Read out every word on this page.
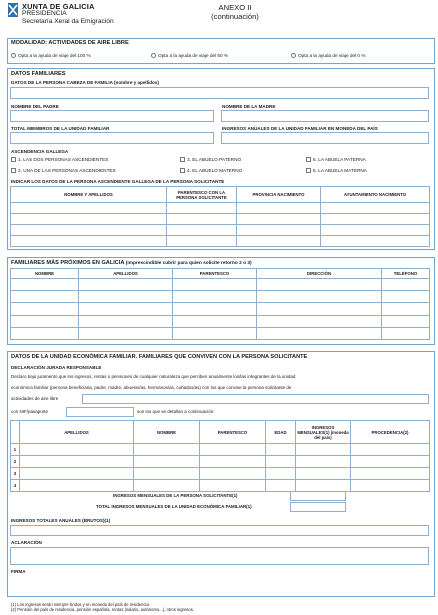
XUNTA DE GALICIA
PRESIDENCIA
Secretaría Xeral da Emigración
ANEXO II
(continuación)
MODALIDAD: ACTIVIDADES DE AIRE LIBRE
Opta a la ayuda de viaje del 100 %	Opta a la ayuda de viaje del 50 %	Opta a la ayuda de viaje del 0 %
DATOS FAMILIARES
DATOS DE LA PERSONA CABEZA DE FAMILIA (nombre y apellidos)
NOMBRE DEL PADRE	NOMBRE DE LA MADRE
TOTAL MIEMBROS DE LA UNIDAD FAMILIAR	INGRESOS ANUALES DE LA UNIDAD FAMILIAR EN MONEDA DEL PAÍS
ASCENDENCIA GALLEGA
1. LAS DOS PERSONAS ASCENDIENTES
2. UNA DE LAS PERSONAS ASCENDIENTES
3. EL ABUELO PATERNO
4. EL ABUELO MATERNO
5. LA ABUELA PATERNA
6. LA ABUELA MATERNA
INDICAR LOS DATOS DE LA PERSONA ASCENDIENTE GALLEGA DE LA PERSONA SOLICITANTE
NOMBRE Y APELLIDOS	PARENTESCO CON LA PERSONA SOLICITANTE	PROVINCIA NACIMIENTO	AYUNTAMIENTO NACIMIENTO

FAMILIARES MÁS PRÓXIMOS EN GALICIA (imprescindible cubrir para quien solicite retorno 2 o 3)
NOMBRE	APELLIDOS	PARENTESCO	DIRECCIÓN	TELÉFONO

DATOS DE LA UNIDAD ECONÓMICA FAMILIAR. FAMILIARES QUE CONVIVEN CON LA PERSONA SOLICITANTE
DECLARACIÓN JURADA RESPONSABLE
Declaro bajo juramento que los ingresos, rentas o pensiones de cualquier naturaleza que perciben anualmente los/las integrantes de la unidad
económica familiar (persona beneficiaria, padre, madre, abuelos/as, hermanos/as, cuñados/as) con los que convive la persona solicitante de
actividades de aire libre
con NIF/pasaporte	son los que se detallan a continuación:
	APELLIDOS	NOMBRE	PARENTESCO	EDAD	INGRESOS MENSUALES(1) (moneda del país)	PROCEDENCIA(2)
1						
2						
3						
4						
INGRESOS MENSUALES DE LA PERSONA SOLICITANTE(1)
TOTAL INGRESOS MENSUALES DE LA UNIDAD ECONÓMICA FAMILIAR(1)
INGRESOS TOTALES ANUALES (BRUTOS)(1)
ACLARACIÓN
FIRMA
(1) Los ingresos serán siempre brutos y en moneda del país de residencia.
(2) Pensión del país de residencia, pensión española, rentas (salario, autónomo...), otros ingresos.
